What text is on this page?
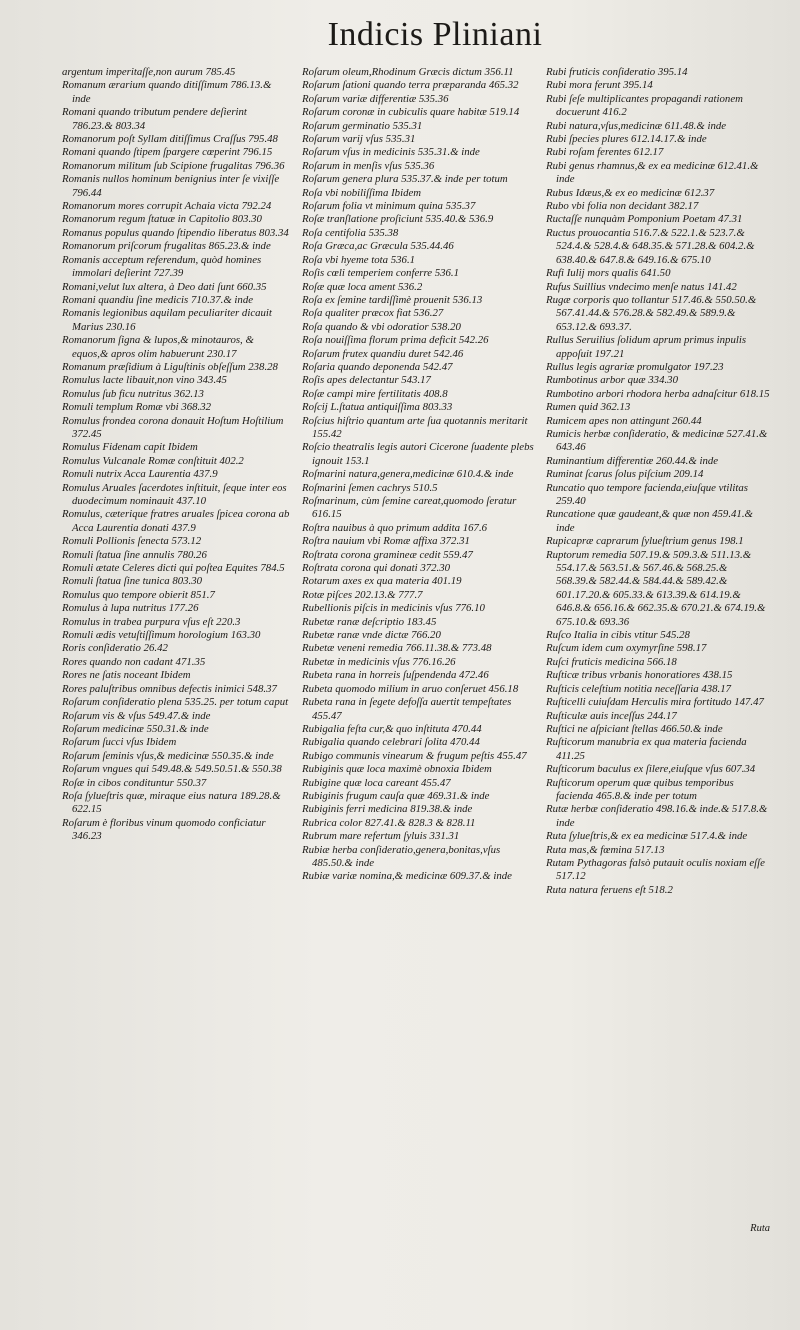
Indicis Pliniani

argentum imperitaſſe,non aurum 785.45

Romanum ærarium quando ditiſſimum 786.13.& inde

Romani quando tributum pendere deſierint 786.23.& 803.34

Romanorum poſt Syllam ditiſſimus Craſſus 795.48

Romani quando ſtipem ſpargere cœperint 796.15

Romanorum militum ſub Scipione frugalitas 796.36

Romanis nullos hominum benignius inter ſe vixiſſe 796.44

Romanorum mores corrupit Achaia victa 792.24

Romanorum regum ſtatuæ in Capitolio 803.30

Romanus populus quando ſtipendio liberatus 803.34

Romanorum priſcorum frugalitas 865.23.& inde

Romanis acceptum referendum, quòd homines immolari deſierint 727.39

Romani,velut lux altera, à Deo dati ſunt 660.35

Romani quandiu ſine medicis 710.37.& inde

Romanis legionibus aquilam peculiariter dicauit Marius 230.16

Romanorum ſigna & lupos,& minotauros, & equos,& apros olim habuerunt 230.17

Romanum præſidium à Liguſtinis obſeſſum 238.28

Romulus lacte libauit,non vino 343.45

Romulus ſub ficu nutritus 362.13

Romuli templum Romæ vbi 368.32

Romulus frondea corona donauit Hoſtum Hoſtilium 372.45

Romulus Fidenam capit Ibidem

Romulus Vulcanale Romæ conſtituit 402.2

Romuli nutrix Acca Laurentia 437.9

Romulus Aruales ſacerdotes inſtituit, ſeque inter eos duodecimum nominauit 437.10

Romulus, cæterique fratres aruales ſpicea corona ab Acca Laurentia donati 437.9

Romuli Pollionis ſenecta 573.12

Romuli ſtatua ſine annulis 780.26

Romuli ætate Celeres dicti qui poſtea Equites 784.5

Romuli ſtatua ſine tunica 803.30

Romulus quo tempore obierit 851.7

Romulus à lupa nutritus 177.26

Romulus in trabea purpura vſus eſt 220.3

Romuli ædis vetuſtiſſimum horologium 163.30

Roris conſideratio 26.42

Rores quando non cadant 471.35

Rores ne ſatis noceant Ibidem

Rores paluſtribus omnibus defectis inimici 548.37

Roſarum conſideratio plena 535.25. per totum caput

Roſarum vis & vſus 549.47.& inde

Roſarum medicinæ 550.31.& inde

Roſarum ſucci vſus Ibidem

Roſarum ſeminis vſus,& medicinæ 550.35.& inde

Roſarum vngues qui 549.48.& 549.50.51.& 550.38

Roſæ in cibos condituntur 550.37

Roſa ſylueſtris quæ, miraque eius natura 189.28.& 622.15

Roſarum è floribus vinum quomodo conficiatur 346.23

Roſarum oleum,Rhodinum Græcis dictum 356.11

Roſarum ſationi quando terra præparanda 465.32

Roſarum variæ differentiæ 535.36

Roſarum coronæ in cubiculis quare habitæ 519.14

Roſarum germinatio 535.31

Roſarum varij vſus 535.31

Roſarum vſus in medicinis 535.31.& inde

Roſarum in menſis vſus 535.36

Roſarum genera plura 535.37.& inde per totum

Roſa vbi nobiliſſima Ibidem

Roſarum folia vt minimum quina 535.37

Roſæ tranſlatione proſiciunt 535.40.& 536.9

Roſa centifolia 535.38

Roſa Græca,ac Græcula 535.44.46

Roſa vbi hyeme tota 536.1

Roſis cœli temperiem conferre 536.1

Roſæ quæ loca ament 536.2

Roſa ex ſemine tardiſſimè prouenit 536.13

Roſa qualiter præcox fiat 536.27

Roſa quando & vbi odoratior 538.20

Roſa nouiſſima florum prima deficit 542.26

Roſarum frutex quandiu duret 542.46

Roſaria quando deponenda 542.47

Roſis apes delectantur 543.17

Roſæ campi mire fertilitatis 408.8

Roſcij L.ſtatua antiquiſſima 803.33

Roſcius hiſtrio quantum arte ſua quotannis meritarit 155.42

Roſcio theatralis legis autori Cicerone ſuadente plebs ignouit 153.1

Roſmarini natura,genera,medicinæ 610.4.& inde

Roſmarini ſemen cachrys 510.5

Roſmarinum, cùm ſemine careat,quomodo ſeratur 616.15

Roſtra nauibus à quo primum addita 167.6

Roſtra nauium vbi Romæ affixa 372.31

Roſtrata corona gramineæ cedit 559.47

Roſtrata corona qui donati 372.30

Rotarum axes ex qua materia 401.19

Rotæ piſces 202.13.& 777.7

Rubellionis piſcis in medicinis vſus 776.10

Rubetæ ranæ deſcriptio 183.45

Rubetæ ranæ vnde dictæ 766.20

Rubetæ veneni remedia 766.11.38.& 773.48

Rubetæ in medicinis vſus 776.16.26

Rubeta rana in horreis ſuſpendenda 472.46

Rubeta quomodo milium in aruo conſeruet 456.18

Rubeta rana in ſegete defoſſa auertit tempeſtates 455.47

Rubigalia feſta cur,& quo inſtituta 470.44

Rubigalia quando celebrari ſolita 470.44

Rubigo communis vinearum & frugum peſtis 455.47

Rubiginis quæ loca maximè obnoxia Ibidem

Rubigine quæ loca careant 455.47

Rubiginis frugum cauſa quæ 469.31.& inde

Rubiginis ferri medicina 819.38.& inde

Rubrica color 827.41.& 828.3 & 828.11

Rubrum mare refertum ſyluis 331.31

Rubiæ herba conſideratio,genera,bonitas,vſus 485.50.& inde

Rubiæ variæ nomina,& medicinæ 609.37.& inde

Rubi fruticis conſideratio 395.14

Rubi mora ferunt 395.14

Rubi ſeſe multiplicantes propagandi rationem docuerunt 416.2

Rubi natura,vſus,medicinæ 611.48.& inde

Rubi ſpecies plures 612.14.17.& inde

Rubi roſam ferentes 612.17

Rubi genus rhamnus,& ex ea medicinæ 612.41.& inde

Rubus Idæus,& ex eo medicinæ 612.37

Rubo vbi folia non decidant 382.17

Ructaſſe nunquàm Pomponium Poetam 47.31

Ructus prouocantia 516.7.& 522.1.& 523.7.& 524.4.& 528.4.& 648.35.& 571.28.& 604.2.& 638.40.& 647.8.& 649.16.& 675.10

Rufi Iulij mors qualis 641.50

Rufus Suillius vndecimo menſe natus 141.42

Rugæ corporis quo tollantur 517.46.& 550.50.& 567.41.44.& 576.28.& 582.49.& 589.9.& 653.12.& 693.37.

Rullus Seruilius ſolidum aprum primus inpulis appoſuit 197.21

Rullus legis agrariæ promulgator 197.23

Rumbotinus arbor quæ 334.30

Rumbotino arbori rhodora herba adnaſcitur 618.15

Rumen quid 362.13

Rumicem apes non attingunt 260.44

Rumicis herbæ conſideratio, & medicinæ 527.41.& 643.46

Ruminantium differentiæ 260.44.& inde

Ruminat ſcarus ſolus piſcium 209.14

Runcatio quo tempore facienda,eiuſque vtilitas 259.40

Runcatione quæ gaudeant,& quæ non 459.41.& inde

Rupicapræ caprarum ſylueſtrium genus 198.1

Ruptorum remedia 507.19.& 509.3.& 511.13.& 554.17.& 563.51.& 567.46.& 568.25.& 568.39.& 582.44.& 584.44.& 589.42.& 601.17.20.& 605.33.& 613.39.& 614.19.& 646.8.& 656.16.& 662.35.& 670.21.& 674.19.& 675.10.& 693.36

Ruſco Italia in cibis vtitur 545.28

Ruſcum idem cum oxymyrſine 598.17

Ruſci fruticis medicina 566.18

Ruſticæ tribus vrbanis honoratiores 438.15

Ruſticis celeſtium notitia neceſſaria 438.17

Ruſticelli cuiuſdam Herculis mira fortitudo 147.47

Ruſticulæ auis inceſſus 244.17

Ruſtici ne aſpiciant ſtellas 466.50.& inde

Ruſticorum manubria ex qua materia facienda 411.25

Ruſticorum baculus ex ſilere,eiuſque vſus 607.34

Ruſticorum operum quæ quibus temporibus facienda 465.8.& inde per totum

Rutæ herbæ conſideratio 498.16.& inde.& 517.8.& inde

Ruta ſylueſtris,& ex ea medicinæ 517.4.& inde

Ruta mas,& fœmina 517.13

Rutam Pythagoras falsò putauit oculis noxiam eſſe 517.12

Ruta natura feruens eſt 518.2

Ruta
